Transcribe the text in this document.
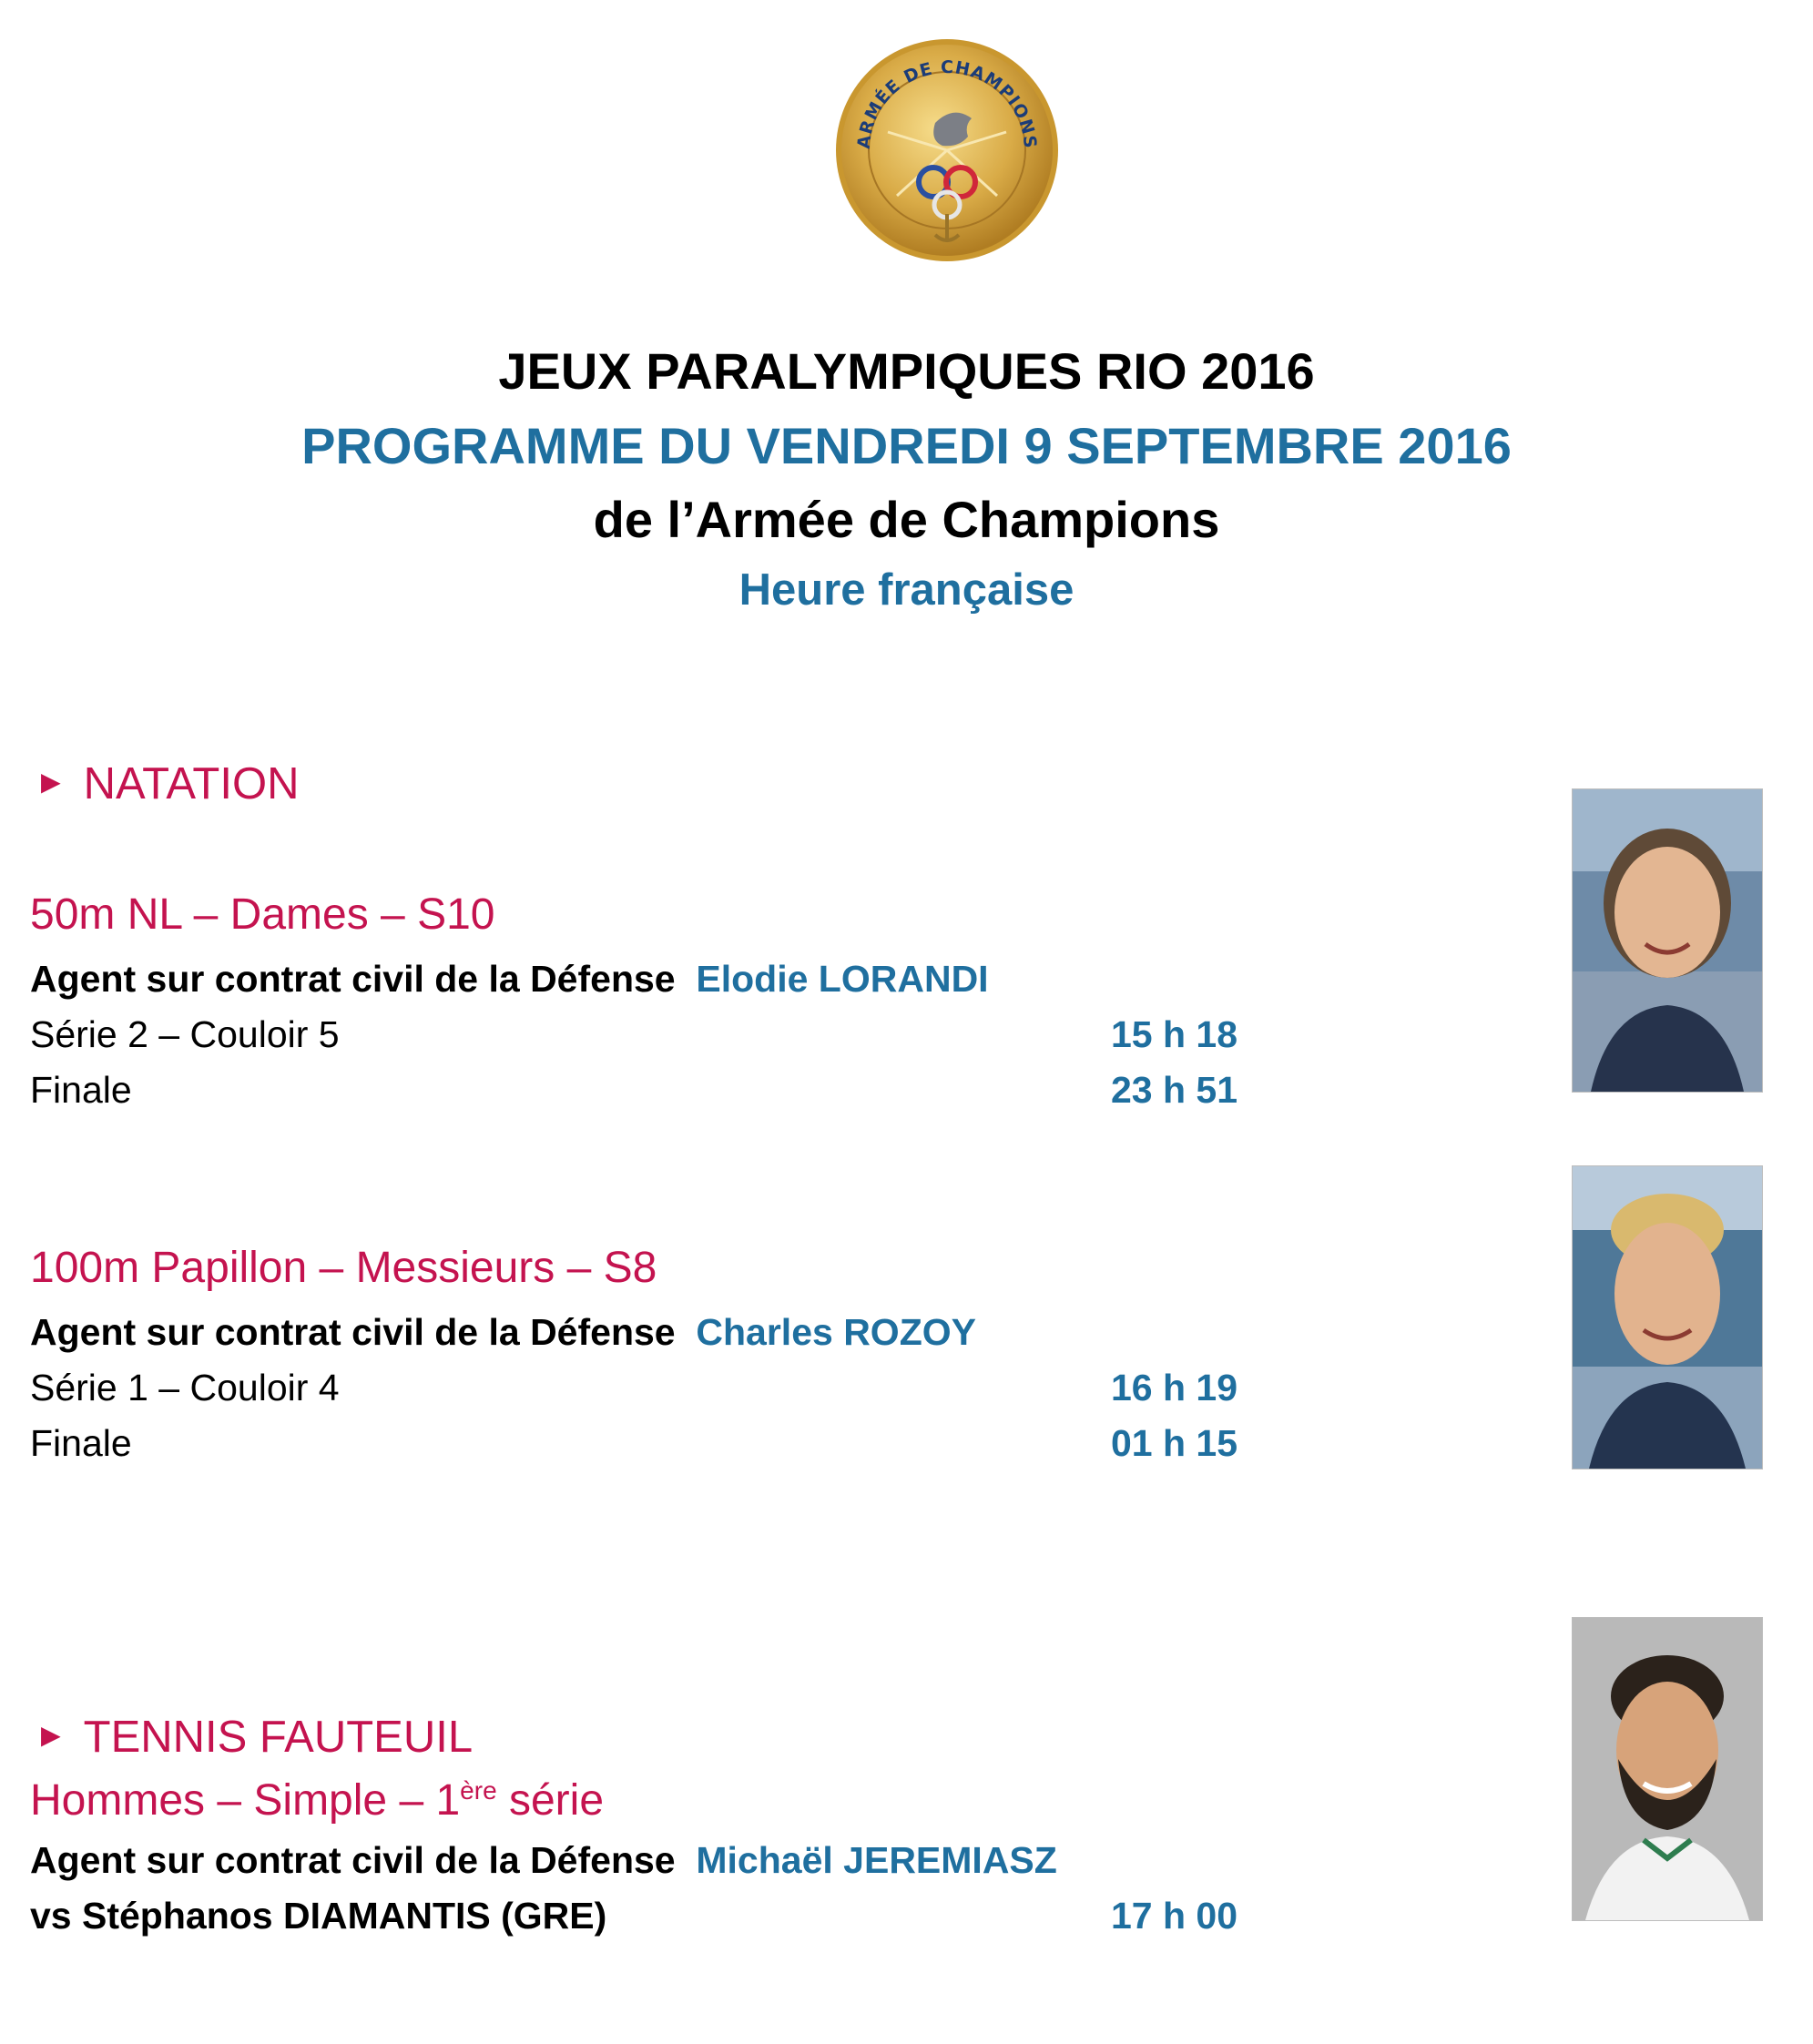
ARMÉE DE CHAMPIONS
JEUX PARALYMPIQUES RIO 2016
PROGRAMME DU VENDREDI 9 SEPTEMBRE 2016
de l’Armée de Champions
Heure française
► NATATION
50m NL – Dames – S10
Agent sur contrat civil de la Défense Elodie LORANDI
Série 2 – Couloir 5	15 h 18
Finale	23 h 51
100m Papillon – Messieurs – S8
Agent sur contrat civil de la Défense Charles ROZOY
Série 1 – Couloir 4	16 h 19
Finale	01 h 15
► TENNIS FAUTEUIL
Hommes – Simple – 1ère série
Agent sur contrat civil de la Défense Michaël JEREMIASZ
vs Stéphanos DIAMANTIS (GRE)	17 h 00
